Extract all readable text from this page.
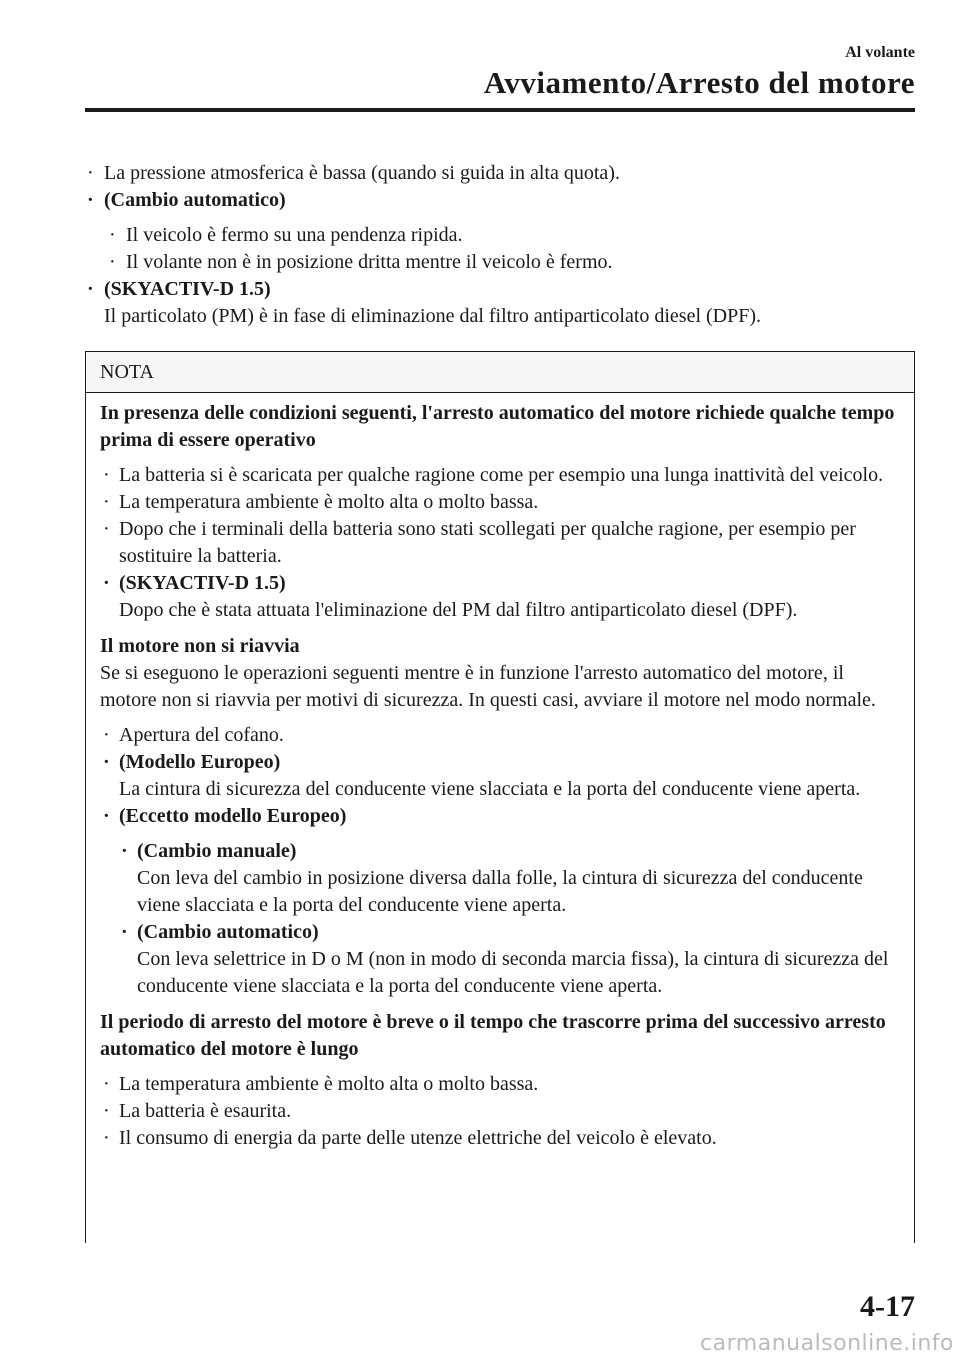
Al volante
Avviamento/Arresto del motore
· La pressione atmosferica è bassa (quando si guida in alta quota).
· (Cambio automatico)
· Il veicolo è fermo su una pendenza ripida.
· Il volante non è in posizione dritta mentre il veicolo è fermo.
· (SKYACTIV-D 1.5)
Il particolato (PM) è in fase di eliminazione dal filtro antiparticolato diesel (DPF).
NOTA
In presenza delle condizioni seguenti, l'arresto automatico del motore richiede qualche tempo prima di essere operativo
· La batteria si è scaricata per qualche ragione come per esempio una lunga inattività del veicolo.
· La temperatura ambiente è molto alta o molto bassa.
· Dopo che i terminali della batteria sono stati scollegati per qualche ragione, per esempio per sostituire la batteria.
· (SKYACTIV-D 1.5)
Dopo che è stata attuata l'eliminazione del PM dal filtro antiparticolato diesel (DPF).
Il motore non si riavvia
Se si eseguono le operazioni seguenti mentre è in funzione l'arresto automatico del motore, il motore non si riavvia per motivi di sicurezza. In questi casi, avviare il motore nel modo normale.
· Apertura del cofano.
· (Modello Europeo)
La cintura di sicurezza del conducente viene slacciata e la porta del conducente viene aperta.
· (Eccetto modello Europeo)
· (Cambio manuale)
Con leva del cambio in posizione diversa dalla folle, la cintura di sicurezza del conducente viene slacciata e la porta del conducente viene aperta.
· (Cambio automatico)
Con leva selettrice in D o M (non in modo di seconda marcia fissa), la cintura di sicurezza del conducente viene slacciata e la porta del conducente viene aperta.
Il periodo di arresto del motore è breve o il tempo che trascorre prima del successivo arresto automatico del motore è lungo
· La temperatura ambiente è molto alta o molto bassa.
· La batteria è esaurita.
· Il consumo di energia da parte delle utenze elettriche del veicolo è elevato.
4-17
carmanualsonline.info
